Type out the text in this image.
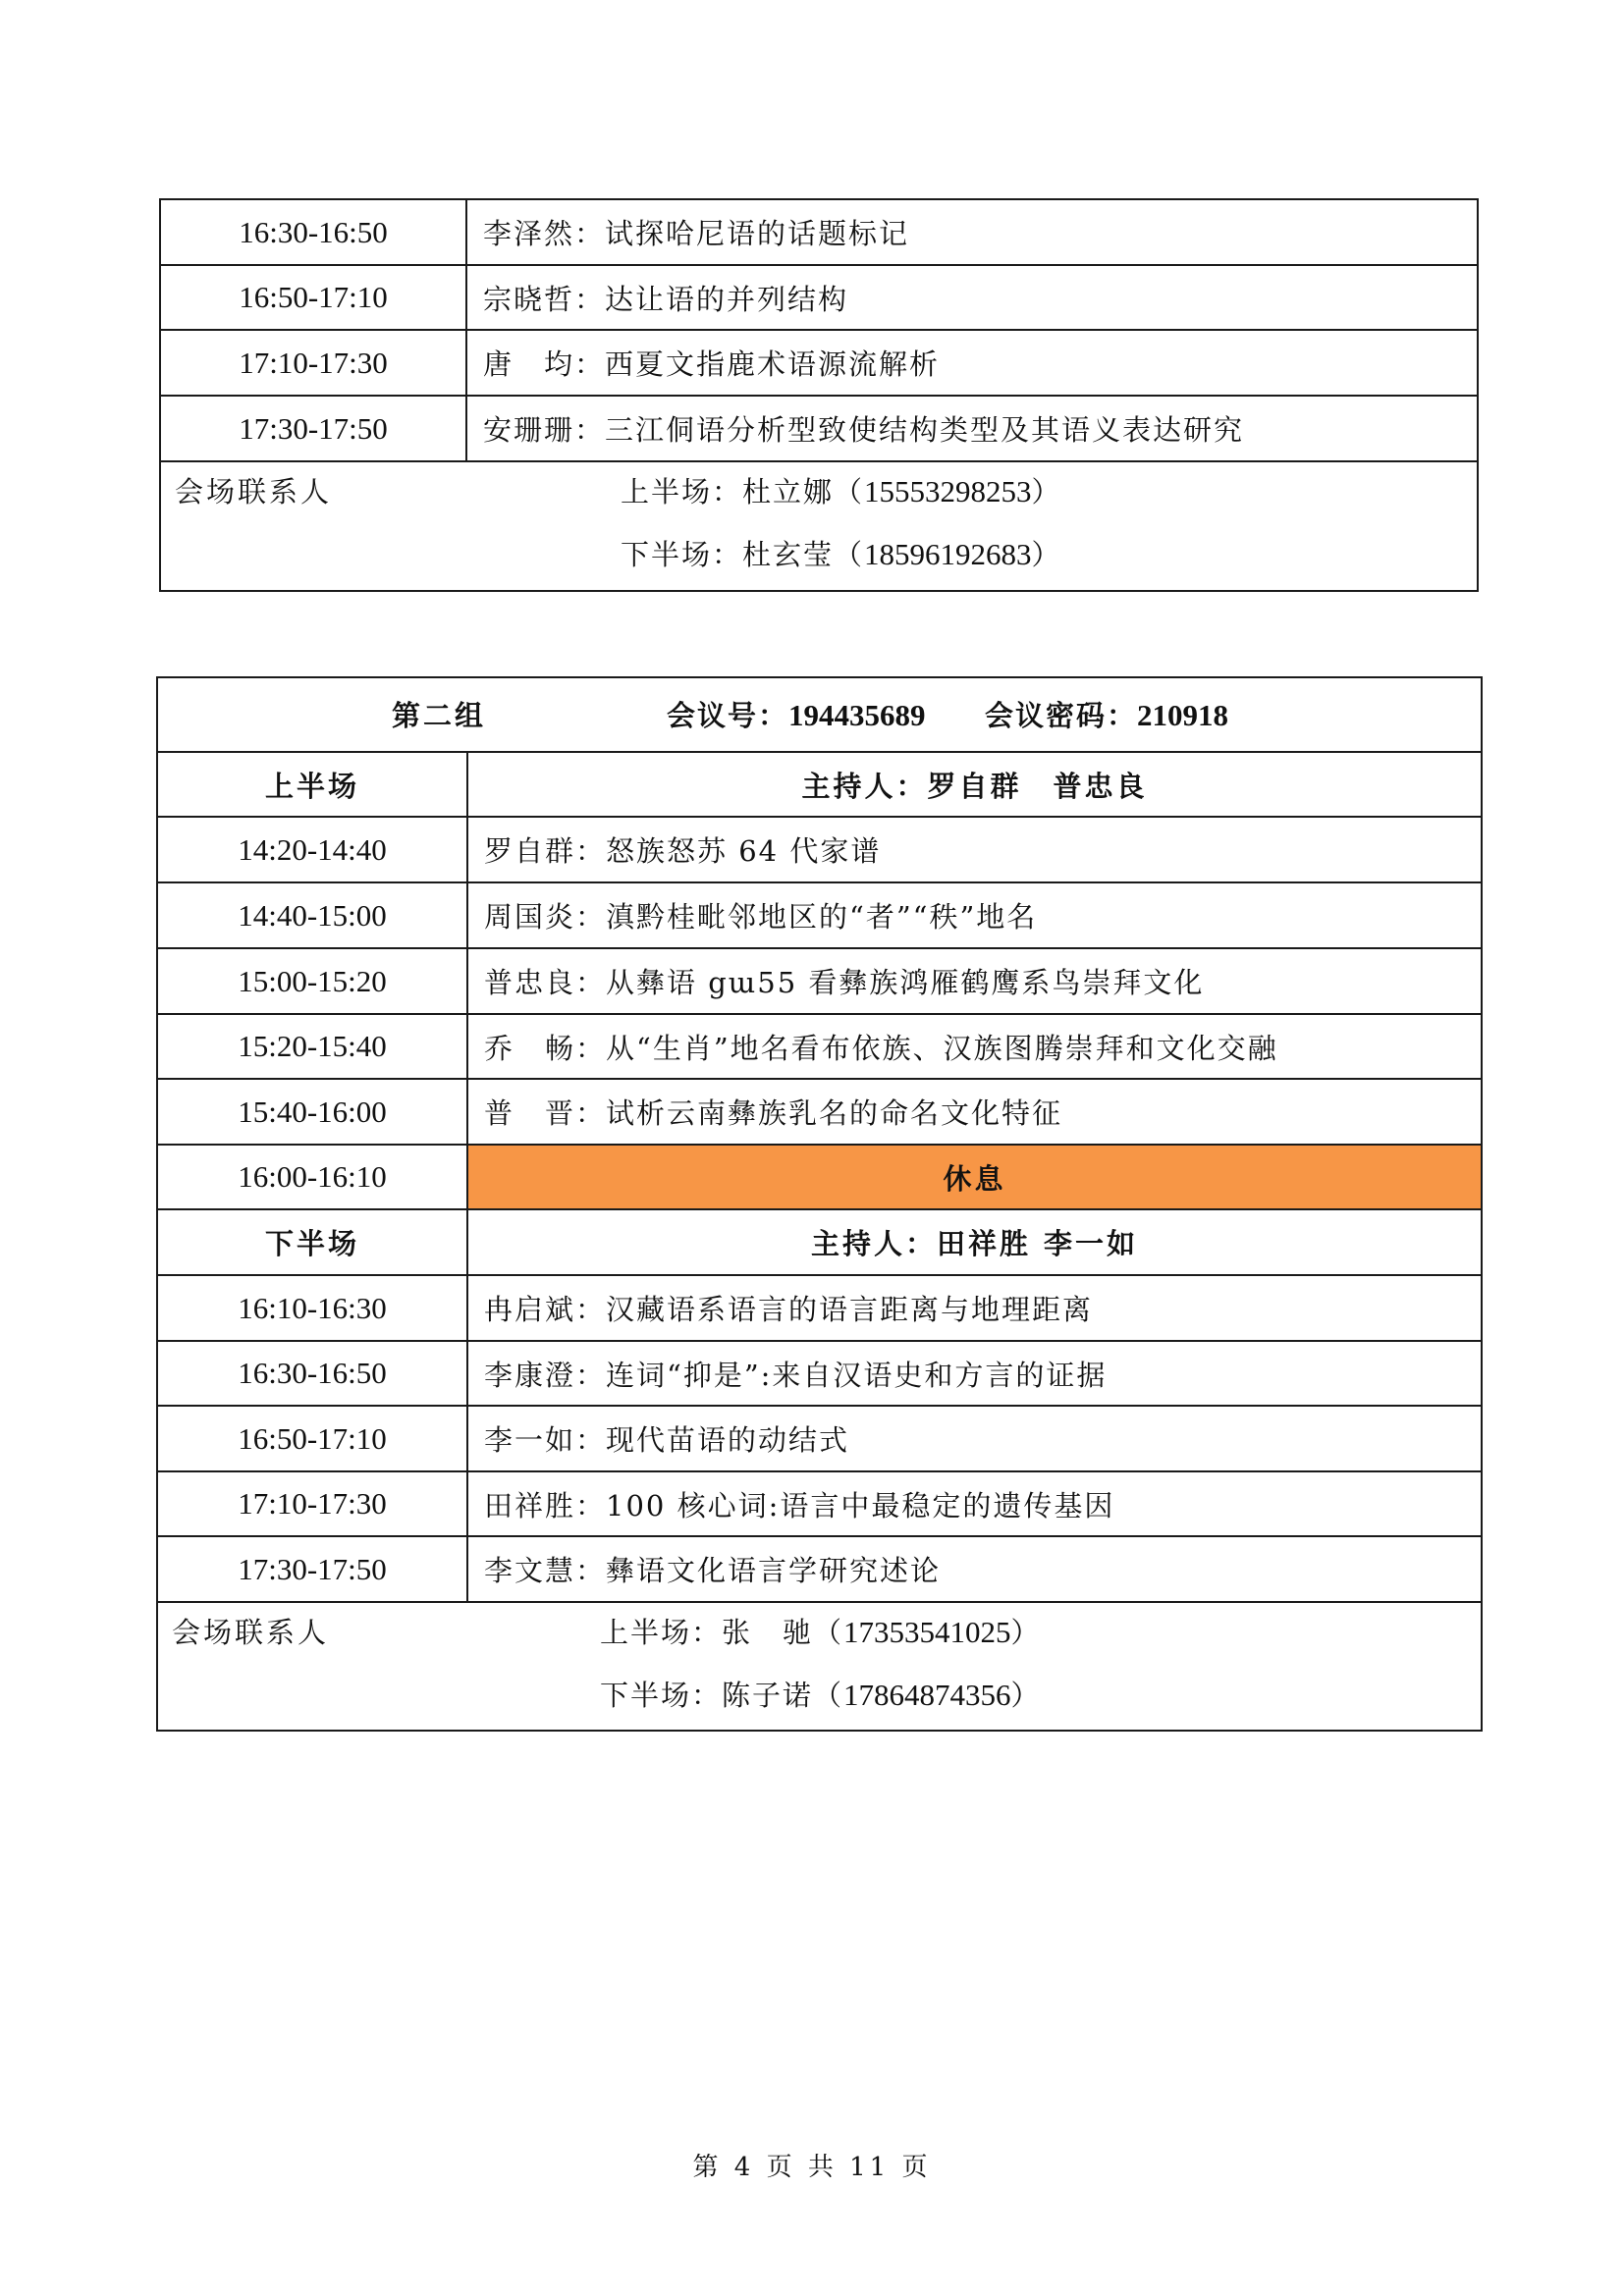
16:30-16:50	李泽然：试探哈尼语的话题标记
16:50-17:10	宗晓哲：达让语的并列结构
17:10-17:30	唐　均：西夏文指鹿术语源流解析
17:30-17:50	安珊珊：三江侗语分析型致使结构类型及其语义表达研究

会场联系人 上半场：杜立娜（15553298253）
下半场：杜玄莹（18596192683）	
第二组 会议号：194435689 会议密码：210918	

上半场	主持人：罗自群　普忠良
14:20-14:40	罗自群：怒族怒苏 64 代家谱
14:40-15:00	周国炎：滇黔桂毗邻地区的“者”“秩”地名
15:00-15:20	普忠良：从彝语 gɯ55 看彝族鸿雁鹤鹰系鸟崇拜文化
15:20-15:40	乔　畅：从“生肖”地名看布依族、汉族图腾崇拜和文化交融
15:40-16:00	普　晋：试析云南彝族乳名的命名文化特征
16:00-16:10	休息
下半场	主持人：田祥胜 李一如
16:10-16:30	冉启斌：汉藏语系语言的语言距离与地理距离
16:30-16:50	李康澄：连词“抑是”:来自汉语史和方言的证据
16:50-17:10	李一如：现代苗语的动结式
17:10-17:30	田祥胜：100 核心词:语言中最稳定的遗传基因
17:30-17:50	李文慧：彝语文化语言学研究述论

会场联系人 上半场：张　驰（17353541025）
下半场：陈子诺（17864874356）	
第 4 页 共 11 页
